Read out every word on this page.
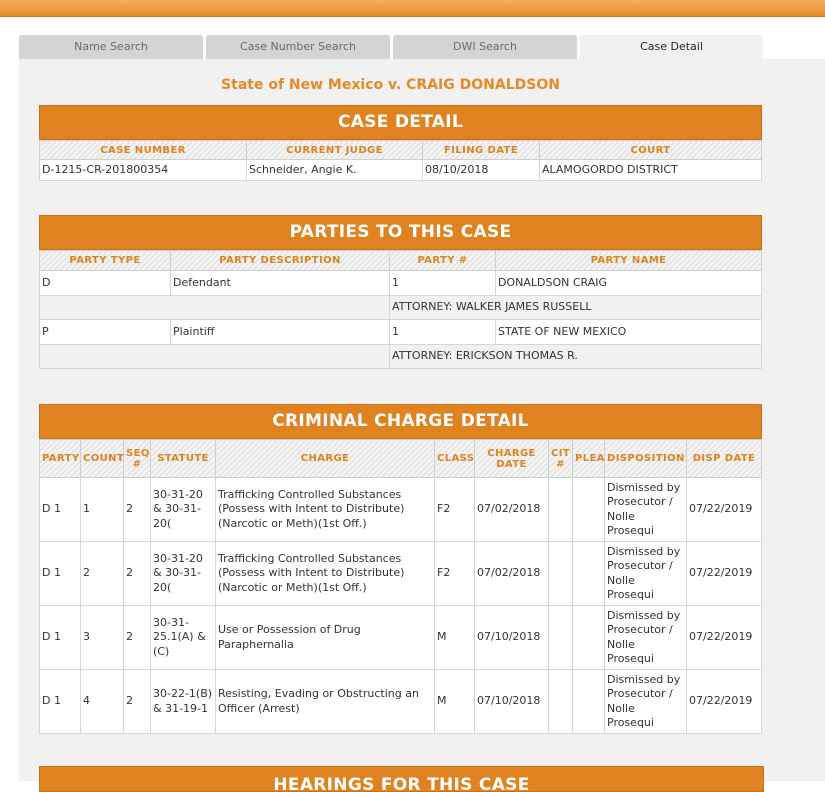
Name Search	Case Number Search	DWI Search	Case Detail
State of New Mexico v. CRAIG DONALDSON
CASE DETAIL
CASE NUMBER	CURRENT JUDGE	FILING DATE	COURT
D-1215-CR-201800354	Schneider, Angie K.	08/10/2018	ALAMOGORDO DISTRICT
PARTIES TO THIS CASE
PARTY TYPE	PARTY DESCRIPTION	PARTY #	PARTY NAME
D	Defendant	1	DONALDSON CRAIG
		ATTORNEY: WALKER JAMES RUSSELL	
P	Plaintiff	1	STATE OF NEW MEXICO
		ATTORNEY: ERICKSON THOMAS R.	
CRIMINAL CHARGE DETAIL
PARTY	COUNT	SEQ #	STATUTE	CHARGE	CLASS	CHARGE DATE	CIT #	PLEA	DISPOSITION	DISP DATE
D 1	1	2	30-31-20 & 30-31-20(	Trafficking Controlled Substances (Possess with Intent to Distribute) (Narcotic or Meth)(1st Off.)	F2	07/02/2018			Dismissed by Prosecutor / Nolle Prosequi	07/22/2019
D 1	2	2	30-31-20 & 30-31-20(	Trafficking Controlled Substances (Possess with Intent to Distribute) (Narcotic or Meth)(1st Off.)	F2	07/02/2018			Dismissed by Prosecutor / Nolle Prosequi	07/22/2019
D 1	3	2	30-31-25.1(A) & (C)	Use or Possession of Drug Paraphernalia	M	07/10/2018			Dismissed by Prosecutor / Nolle Prosequi	07/22/2019
D 1	4	2	30-22-1(B) & 31-19-1	Resisting, Evading or Obstructing an Officer (Arrest)	M	07/10/2018			Dismissed by Prosecutor / Nolle Prosequi	07/22/2019
HEARINGS FOR THIS CASE
